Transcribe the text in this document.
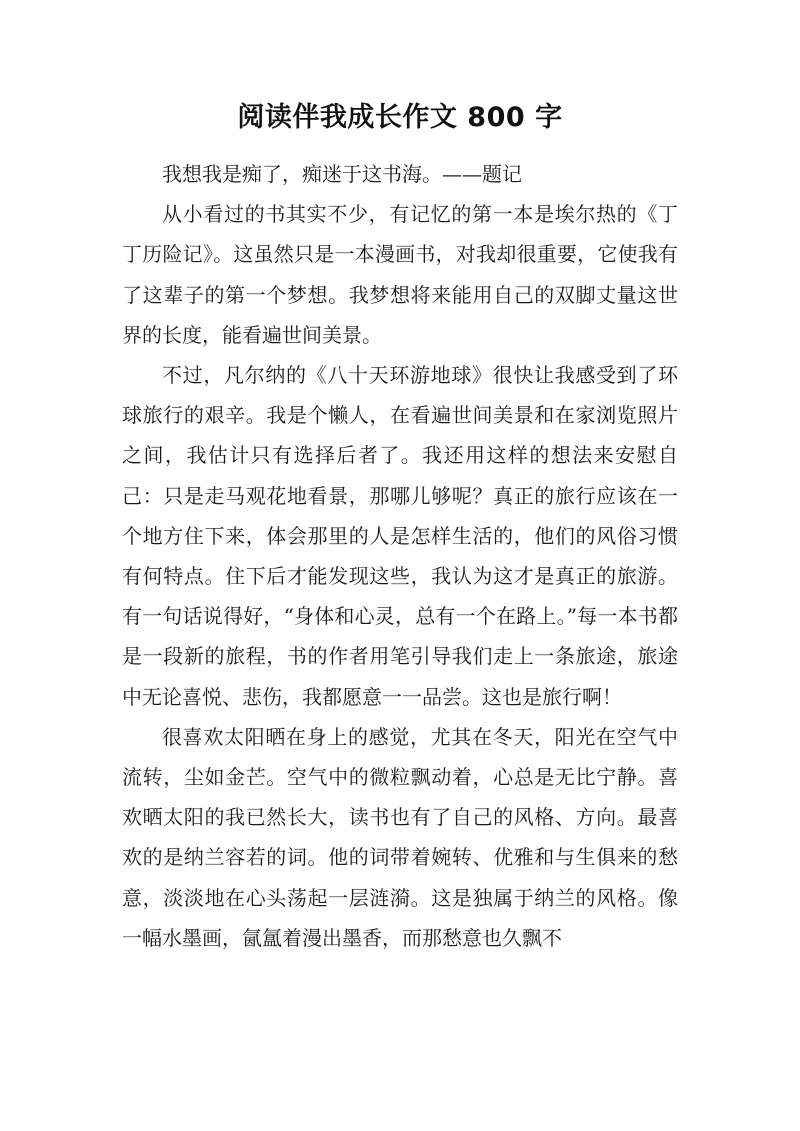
阅读伴我成长作文 800 字

我想我是痴了，痴迷于这书海。——题记

从小看过的书其实不少，有记忆的第一本是埃尔热的《丁丁历险记》。这虽然只是一本漫画书，对我却很重要，它使我有了这辈子的第一个梦想。我梦想将来能用自己的双脚丈量这世界的长度，能看遍世间美景。

不过，凡尔纳的《八十天环游地球》很快让我感受到了环球旅行的艰辛。我是个懒人，在看遍世间美景和在家浏览照片之间，我估计只有选择后者了。我还用这样的想法来安慰自己：只是走马观花地看景，那哪儿够呢？真正的旅行应该在一个地方住下来，体会那里的人是怎样生活的，他们的风俗习惯有何特点。住下后才能发现这些，我认为这才是真正的旅游。有一句话说得好，“身体和心灵，总有一个在路上。”每一本书都是一段新的旅程，书的作者用笔引导我们走上一条旅途，旅途中无论喜悦、悲伤，我都愿意一一品尝。这也是旅行啊！

很喜欢太阳晒在身上的感觉，尤其在冬天，阳光在空气中流转，尘如金芒。空气中的微粒飘动着，心总是无比宁静。喜欢晒太阳的我已然长大，读书也有了自己的风格、方向。最喜欢的是纳兰容若的词。他的词带着婉转、优雅和与生俱来的愁意，淡淡地在心头荡起一层涟漪。这是独属于纳兰的风格。像一幅水墨画，氤氲着漫出墨香，而那愁意也久飘不
